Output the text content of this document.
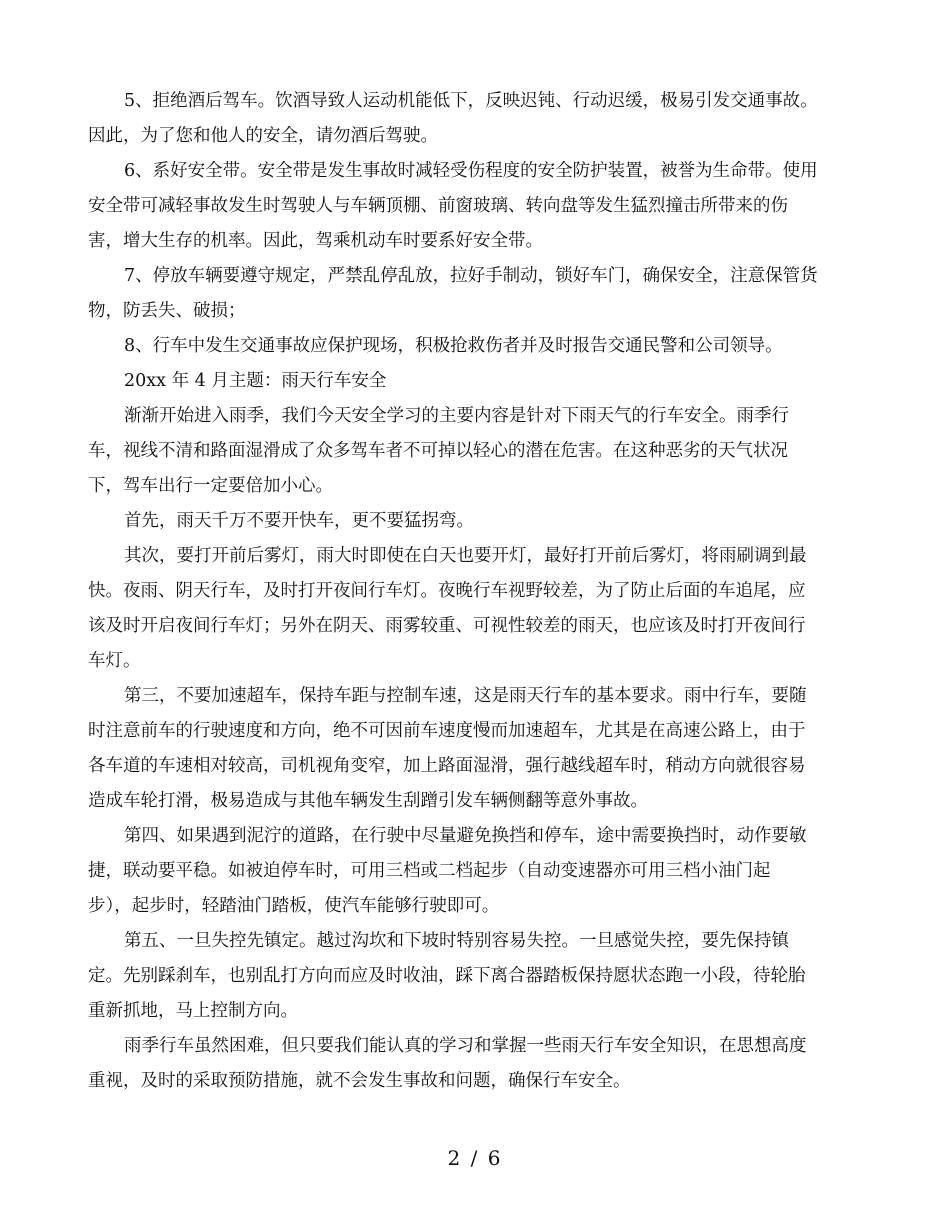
5、拒绝酒后驾车。饮酒导致人运动机能低下，反映迟钝、行动迟缓，极易引发交通事故。
因此，为了您和他人的安全，请勿酒后驾驶。
6、系好安全带。安全带是发生事故时减轻受伤程度的安全防护装置，被誉为生命带。使用
安全带可减轻事故发生时驾驶人与车辆顶棚、前窗玻璃、转向盘等发生猛烈撞击所带来的伤
害，增大生存的机率。因此，驾乘机动车时要系好安全带。
7、停放车辆要遵守规定，严禁乱停乱放，拉好手制动，锁好车门，确保安全，注意保管货
物，防丢失、破损；
8、行车中发生交通事故应保护现场，积极抢救伤者并及时报告交通民警和公司领导。
20xx 年 4 月主题：雨天行车安全
渐渐开始进入雨季，我们今天安全学习的主要内容是针对下雨天气的行车安全。雨季行
车，视线不清和路面湿滑成了众多驾车者不可掉以轻心的潜在危害。在这种恶劣的天气状况
下，驾车出行一定要倍加小心。
首先，雨天千万不要开快车，更不要猛拐弯。
其次，要打开前后雾灯，雨大时即使在白天也要开灯，最好打开前后雾灯，将雨刷调到最
快。夜雨、阴天行车，及时打开夜间行车灯。夜晚行车视野较差，为了防止后面的车追尾，应
该及时开启夜间行车灯；另外在阴天、雨雾较重、可视性较差的雨天，也应该及时打开夜间行
车灯。
第三，不要加速超车，保持车距与控制车速，这是雨天行车的基本要求。雨中行车，要随
时注意前车的行驶速度和方向，绝不可因前车速度慢而加速超车，尤其是在高速公路上，由于
各车道的车速相对较高，司机视角变窄，加上路面湿滑，强行越线超车时，稍动方向就很容易
造成车轮打滑，极易造成与其他车辆发生刮蹭引发车辆侧翻等意外事故。
第四、如果遇到泥泞的道路，在行驶中尽量避免换挡和停车，途中需要换挡时，动作要敏
捷，联动要平稳。如被迫停车时，可用三档或二档起步（自动变速器亦可用三档小油门起
步），起步时，轻踏油门踏板，使汽车能够行驶即可。
第五、一旦失控先镇定。越过沟坎和下坡时特别容易失控。一旦感觉失控，要先保持镇
定。先别踩刹车，也别乱打方向而应及时收油，踩下离合器踏板保持愿状态跑一小段，待轮胎
重新抓地，马上控制方向。
雨季行车虽然困难，但只要我们能认真的学习和掌握一些雨天行车安全知识，在思想高度
重视，及时的采取预防措施，就不会发生事故和问题，确保行车安全。
2 / 6
